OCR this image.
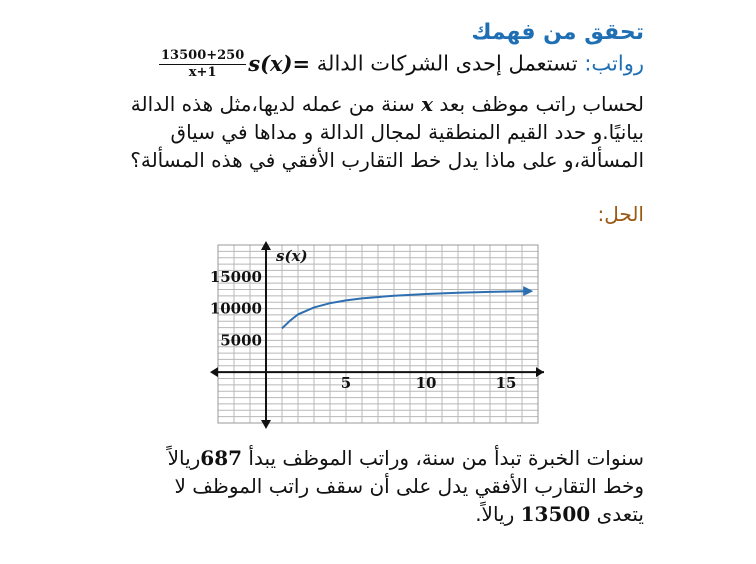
تحقق من فهمك
رواتب: تستعمل إحدى الشركات الدالة s(x)=
$\frac{13500+250}{x+1}$
لحساب راتب موظف بعد x سنة من عمله لديها،مثل هذه الدالة بيانيًا.و حدد القيم المنطقية لمجال الدالة و مداها في سياق المسألة،و على ماذا يدل خط التقارب الأفقي في هذه المسألة؟
الحل:
5	10	15
5000
10000
15000
s(x)
سنوات الخبرة تبدأ من سنة، وراتب الموظف يبدأ 687ريالاً
وخط التقارب الأفقي يدل على أن سقف راتب الموظف لا
يتعدى 13500 ريالاً.
